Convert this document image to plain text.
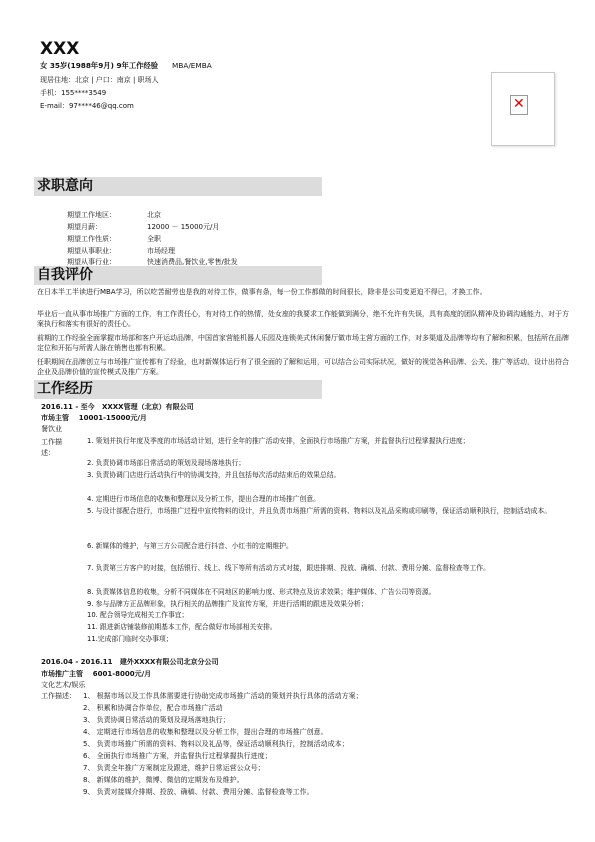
XXX
女 35岁(1988年9月) 9年工作经验 MBA/EMBA
现居住地：北京 | 户口：南京 | 职场人
手机：155****3549
E-mail：97****46@qq.com	✕
求职意向
期望工作地区：	北京
期望月薪：	12000 － 15000元/月
期望工作性质：	全职
期望从事职业：	市场经理
期望从事行业：	快速消费品,餐饮业,零售/批发
自我评价
在日本半工半读进行MBA学习，所以吃苦耐劳也是我的对待工作，做事有条，每一份工作都做的时间很长，除非是公司变更迫不得已，才换工作。
毕业后一直从事市场推广方面的工作，有工作责任心，有对待工作的热情，处女座的我要求工作能做到满分，绝不允许有失误，具有高度的团队精神及协调沟通能力，对于方案执行和落实有很好的责任心。
前期的工作经验全面掌握市场部和客户开运动品牌，中国首家营能机器人乐园及连锁美式休闲餐厅做市场主营方面的工作，对多渠道及品牌等均有了解和积累，包括所在品牌定位和开拓与所需人脉在销售也都有积累。
任职期间在品牌创立与市场推广宣传都有了经验，也对新媒体运行有了很全面的了解和运用，可以结合公司实际状况，做好的视觉各种品牌、公关、推广等活动，设计出符合企业及品牌价值的宣传模式及推广方案。
工作经历
2016.11 - 至今 XXXX管理（北京）有限公司
市场主管 10001-15000元/月
餐饮业
工作描述：
1. 策划并执行年度及季度的市场活动计划，进行全年的推广活动安排，全面执行市场推广方案，并监督执行过程掌握执行进度；
2. 负责协调市场部日常活动的策划及现场落地执行；
3. 负责协调门店进行活动执行中的协调支持，并且包括每次活动结束后的效果总结。
4. 定期进行市场信息的收集和整理以及分析工作，提出合理的市场推广创意。
5. 与设计部配合进行，市场推广过程中宣传物料的设计，并且负责市场推广所需的资料、物料以及礼品采购或印刷等，保证活动顺利执行，控制活动成本。
6. 新媒体的维护，与第三方公司配合进行抖音、小红书的定期维护。
7. 负责第三方客户的对接，包括银行、线上、线下等所有活动方式对接，跟进排期、投放、确稿、付款、费用分摊、监督检查等工作。
8. 负责媒体信息的收集，分析不同媒体在不同地区的影响力度、形式特点及访求效果；维护媒体、广告公司等资源。
9. 参与品牌方正品牌形象，执行相关的品牌推广及宣传方案，并进行活期的跟进及效果分析；
10. 配合领导完成相关工作事宜；
11. 跟进新店铺装修前期基本工作，配合做好市场部相关安排。
11.完成部门临时交办事项；
2016.04 - 2016.11 建外XXXX有限公司北京分公司
市场推广主管 6001-8000元/月
文化艺术/娱乐
工作描述： 1、 根据市场以及工作具体需要进行协助完成市场推广活动的策划并执行具体的活动方案；
2、 积累和协调合作单位，配合市场推广活动
3、 负责协调日常活动的策划及现场落地执行；
4、 定期进行市场信息的收集和整理以及分析工作，提出合理的市场推广创意。
5、 负责市场推广所需的资料、物料以及礼品等，保证活动顺利执行，控制活动成本；
6、 全面执行市场推广方案，并监督执行过程掌握执行进度；
7、 负责全年推广方案制定及跟进，维护日常运营公众号；
8、 新媒体的维护，微博、微信的定期发布及维护。
9、 负责对接媒介排期、投放、确稿、付款、费用分摊、监督检查等工作。
